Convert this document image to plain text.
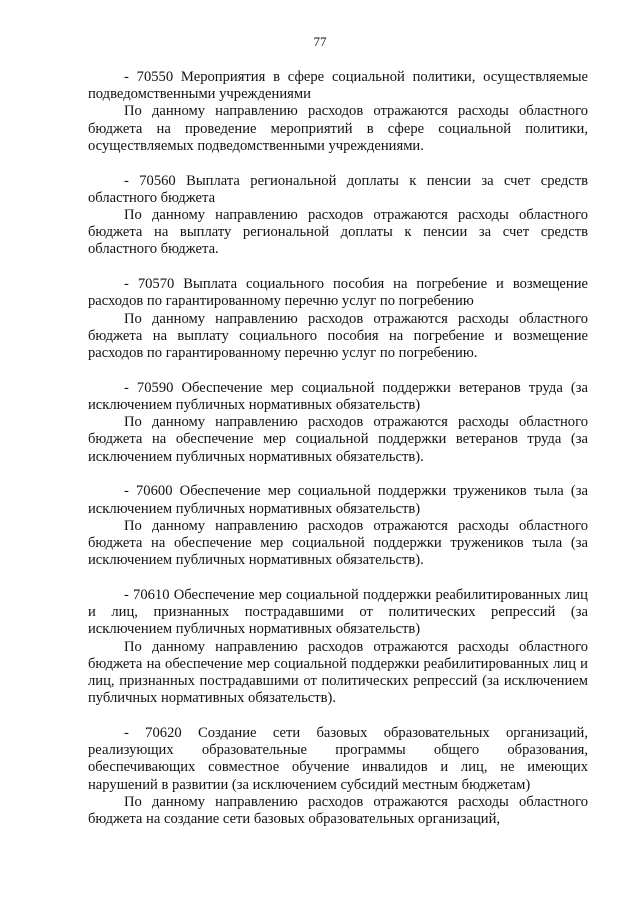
77

- 70550 Мероприятия в сфере социальной политики, осуществляемые подведомственными учреждениями

По данному направлению расходов отражаются расходы областного бюджета на проведение мероприятий в сфере социальной политики, осуществляемых подведомственными учреждениями.

- 70560 Выплата региональной доплаты к пенсии за счет средств областного бюджета

По данному направлению расходов отражаются расходы областного бюджета на выплату региональной доплаты к пенсии за счет средств областного бюджета.

- 70570 Выплата социального пособия на погребение и возмещение расходов по гарантированному перечню услуг по погребению

По данному направлению расходов отражаются расходы областного бюджета на выплату социального пособия на погребение и возмещение расходов по гарантированному перечню услуг по погребению.

- 70590 Обеспечение мер социальной поддержки ветеранов труда (за исключением публичных нормативных обязательств)

По данному направлению расходов отражаются расходы областного бюджета на обеспечение мер социальной поддержки ветеранов труда (за исключением публичных нормативных обязательств).

- 70600 Обеспечение мер социальной поддержки тружеников тыла (за исключением публичных нормативных обязательств)

По данному направлению расходов отражаются расходы областного бюджета на обеспечение мер социальной поддержки тружеников тыла (за исключением публичных нормативных обязательств).

- 70610 Обеспечение мер социальной поддержки реабилитированных лиц и лиц, признанных пострадавшими от политических репрессий (за исключением публичных нормативных обязательств)

По данному направлению расходов отражаются расходы областного бюджета на обеспечение мер социальной поддержки реабилитированных лиц и лиц, признанных пострадавшими от политических репрессий (за исключением публичных нормативных обязательств).

- 70620 Создание сети базовых образовательных организаций, реализующих образовательные программы общего образования, обеспечивающих совместное обучение инвалидов и лиц, не имеющих нарушений в развитии (за исключением субсидий местным бюджетам)

По данному направлению расходов отражаются расходы областного бюджета на создание сети базовых образовательных организаций,
